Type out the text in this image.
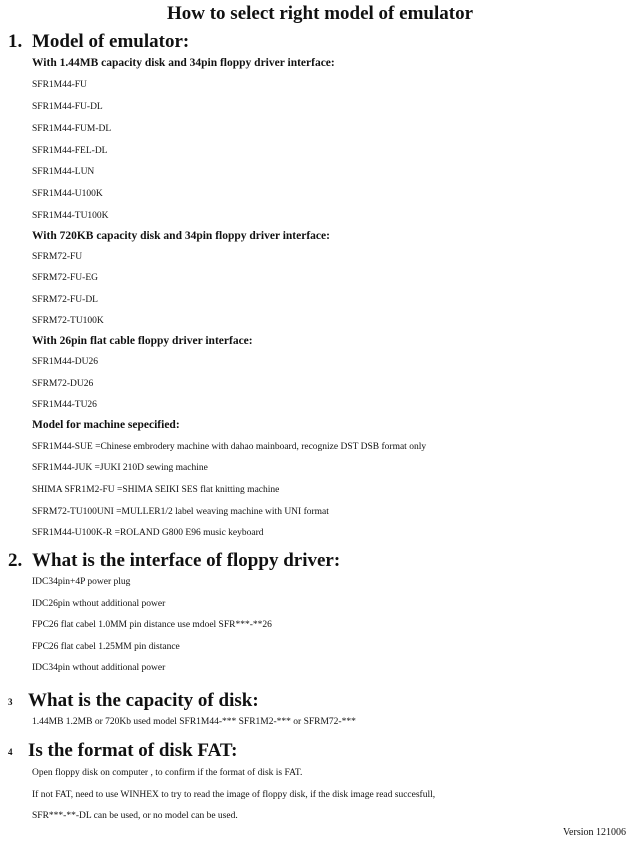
How to select right model of emulator
1. Model of emulator:
With 1.44MB capacity disk and 34pin floppy driver interface:
SFR1M44-FU
SFR1M44-FU-DL
SFR1M44-FUM-DL
SFR1M44-FEL-DL
SFR1M44-LUN
SFR1M44-U100K
SFR1M44-TU100K
With 720KB capacity disk and 34pin floppy driver interface:
SFRM72-FU
SFRM72-FU-EG
SFRM72-FU-DL
SFRM72-TU100K
With 26pin flat cable floppy driver interface:
SFR1M44-DU26
SFRM72-DU26
SFR1M44-TU26
Model for machine sepecified:
SFR1M44-SUE =Chinese embrodery machine with dahao mainboard, recognize DST DSB format only
SFR1M44-JUK =JUKI 210D sewing machine
SHIMA SFR1M2-FU =SHIMA SEIKI SES flat knitting machine
SFRM72-TU100UNI =MULLER1/2 label weaving machine with UNI format
SFR1M44-U100K-R =ROLAND G800 E96 music keyboard
2. What is the interface of floppy driver:
IDC34pin+4P power plug
IDC26pin wthout additional power
FPC26 flat cabel 1.0MM pin distance use mdoel SFR***-**26
FPC26 flat cabel 1.25MM pin distance
IDC34pin wthout additional power
3 What is the capacity of disk:
1.44MB 1.2MB or 720Kb used model SFR1M44-*** SFR1M2-*** or SFRM72-***
4 Is the format of disk FAT:
Open floppy disk on computer , to confirm if the format of disk is FAT.
If not FAT, need to use WINHEX to try to read the image of floppy disk, if the disk image read succesfull,
SFR***-**-DL can be used, or no model can be used.
Version 121006
